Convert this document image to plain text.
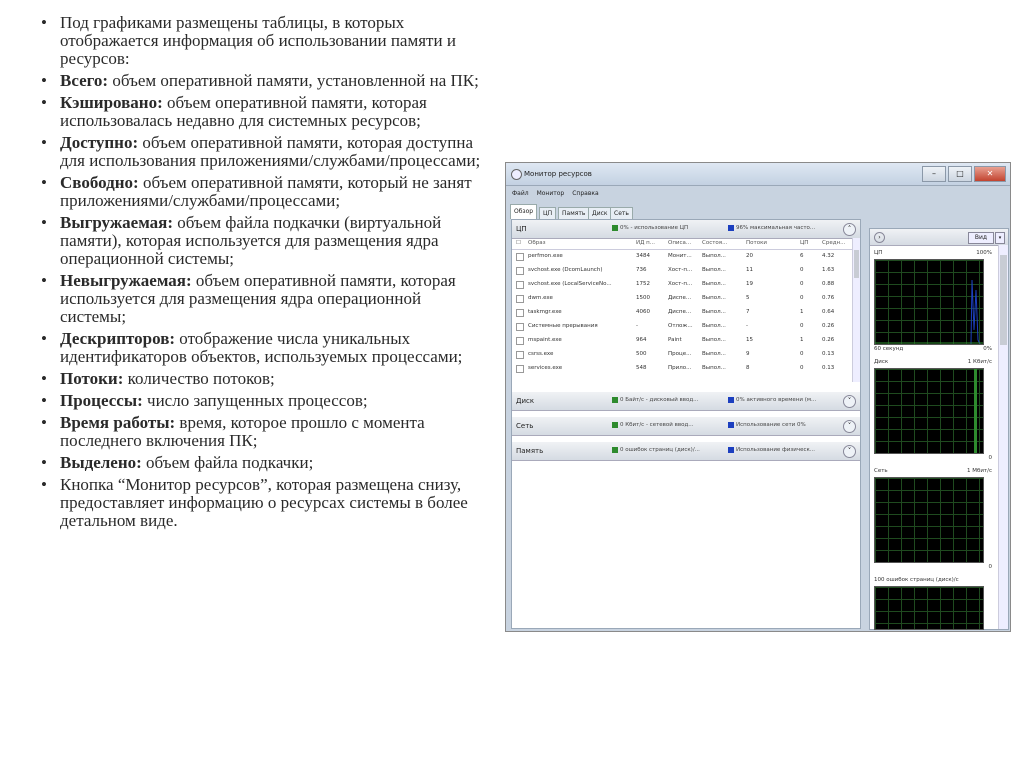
• Под графиками размещены таблицы, в которых отображается информация об использовании памяти и ресурсов:
• Всего: объем оперативной памяти, установленной на ПК;
• Кэшировано: объем оперативной памяти, которая использовалась недавно для системных ресурсов;
• Доступно: объем оперативной памяти, которая доступна для использования приложениями/службами/процессами;
• Свободно: объем оперативной памяти, который не занят приложениями/службами/процессами;
• Выгружаемая: объем файла подкачки (виртуальной памяти), которая используется для размещения ядра операционной системы;
• Невыгружаемая: объем оперативной памяти, которая используется для размещения ядра операционной системы;
• Дескрипторов: отображение числа уникальных идентификаторов объектов, используемых процессами;
• Потоки: количество потоков;
• Процессы: число запущенных процессов;
• Время работы: время, которое прошло с момента последнего включения ПК;
• Выделено: объем файла подкачки;
• Кнопка “Монитор ресурсов”, которая размещена снизу, предоставляет информацию о ресурсах системы в более детальном виде.
Монитор ресурсов	–	□	✕
Файл Монитор Справка
Обзор	ЦП	Память	Диск	Сеть
ЦП	0% - использование ЦП	96% максимальная часто...	˄
☐ Образ	ИД п... Описа... Состоя...	Потоки	ЦП Средн...
perfmon.exe	3484	Монит... Выпол...	20	6	4.32
svchost.exe (DcomLaunch)	736	Хост-п... Выпол...	11	0	1.63
svchost.exe (LocalServiceNo...	1752	Хост-п... Выпол...	19	0	0.88
dwm.exe	1500	Диспе... Выпол...	5	0	0.76
taskmgr.exe	4060	Диспе... Выпол...	7	1	0.64
Системные прерывания	-	Отлож... Выпол...	-	0	0.26
mspaint.exe	964	Paint	Выпол...	15	1	0.26
csrss.exe	500	Проце... Выпол...	9	0	0.13
services.exe	548	Прило... Выпол...	8	0	0.13
Диск	0 Байт/с - дисковый ввод...	0% активного времени (м...	˅
Сеть	0 Кбит/с - сетевой ввод...	Использование сети 0%	˅
Память	0 ошибок страниц (диск)/...	Использование физическ...	˅
›	Вид	▾
ЦП	100%
60 секунд	0%
Диск	1 Кбит/с
0
Сеть	1 Мбит/с
0
100 ошибок страниц (диск)/с
